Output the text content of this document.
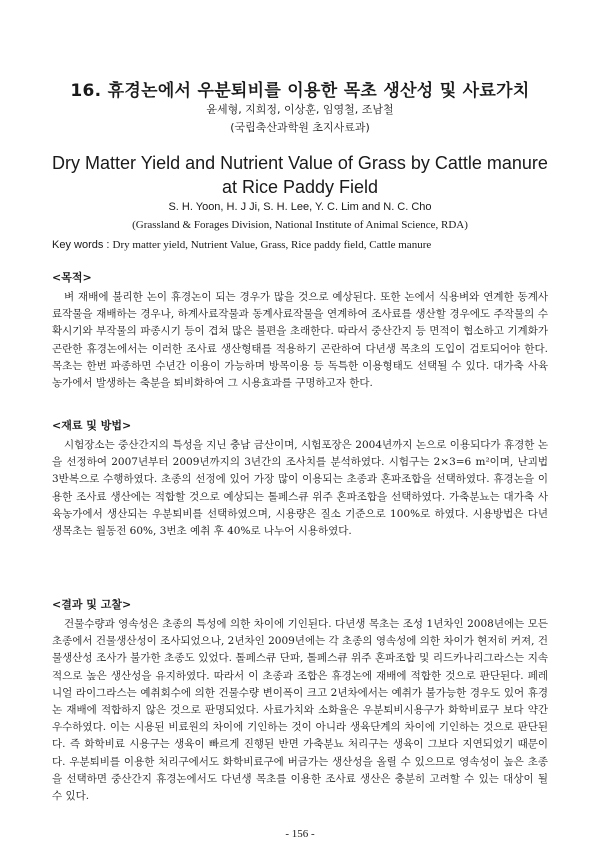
16. 휴경논에서 우분퇴비를 이용한 목초 생산성 및 사료가치
윤세형, 지희정, 이상훈, 임영철, 조남철
(국립축산과학원 초지사료과)
Dry Matter Yield and Nutrient Value of Grass by Cattle manure at Rice Paddy Field
S. H. Yoon, H. J Ji, S. H. Lee, Y. C. Lim and N. C. Cho
(Grassland & Forages Division, National Institute of Animal Science, RDA)
Key words : Dry matter yield, Nutrient Value, Grass, Rice paddy field, Cattle manure
<목적>

벼 재배에 불리한 논이 휴경논이 되는 경우가 많을 것으로 예상된다. 또한 논에서 식용벼와 연계한 동계사료작물을 재배하는 경우나, 하계사료작물과 동계사료작물을 연계하여 조사료를 생산할 경우에도 주작물의 수확시기와 부작물의 파종시기 등이 겹쳐 많은 불편을 초래한다. 따라서 중산간지 등 면적이 협소하고 기계화가 곤란한 휴경논에서는 이러한 조사료 생산형태를 적용하기 곤란하여 다년생 목초의 도입이 검토되어야 한다. 목초는 한번 파종하면 수년간 이용이 가능하며 방목이용 등 독특한 이용형태도 선택될 수 있다. 대가축 사육농가에서 발생하는 축분을 퇴비화하여 그 시용효과를 구명하고자 한다.

<재료 및 방법>

시험장소는 중산간지의 특성을 지닌 충남 금산이며, 시험포장은 2004년까지 논으로 이용되다가 휴경한 논을 선정하여 2007년부터 2009년까지의 3년간의 조사치를 분석하였다. 시험구는 2×3=6 m²이며, 난괴법 3반복으로 수행하였다. 초종의 선정에 있어 가장 많이 이용되는 초종과 혼파조합을 선택하였다. 휴경논을 이용한 조사료 생산에는 적합할 것으로 예상되는 톨페스큐 위주 혼파조합을 선택하였다. 가축분뇨는 대가축 사육농가에서 생산되는 우분퇴비를 선택하였으며, 시용량은 질소 기준으로 100%로 하였다. 시용방법은 다년생목초는 월동전 60%, 3번초 예취 후 40%로 나누어 시용하였다.

<결과 및 고찰>

건물수량과 영속성은 초종의 특성에 의한 차이에 기인된다. 다년생 목초는 조성 1년차인 2008년에는 모든 초종에서 건물생산성이 조사되었으나, 2년차인 2009년에는 각 초종의 영속성에 의한 차이가 현저히 커져, 건물생산성 조사가 불가한 초종도 있었다. 톨페스큐 단파, 톨페스큐 위주 혼파조합 및 리드카나리그라스는 지속적으로 높은 생산성을 유지하였다. 따라서 이 초종과 조합은 휴경논에 재배에 적합한 것으로 판단된다. 페레니얼 라이그라스는 예취회수에 의한 건물수량 변이폭이 크고 2년차에서는 예취가 불가능한 경우도 있어 휴경논 재배에 적합하지 않은 것으로 판명되었다. 사료가치와 소화율은 우분퇴비시용구가 화학비료구 보다 약간 우수하였다. 이는 시용된 비료원의 차이에 기인하는 것이 아니라 생육단계의 차이에 기인하는 것으로 판단된다. 즉 화학비료 시용구는 생육이 빠르게 진행된 반면 가축분뇨 처리구는 생육이 그보다 지연되었기 때문이다. 우분퇴비를 이용한 처리구에서도 화학비료구에 버금가는 생산성을 올릴 수 있으므로 영속성이 높은 초종을 선택하면 중산간지 휴경논에서도 다년생 목초를 이용한 조사료 생산은 충분히 고려할 수 있는 대상이 될 수 있다.

- 156 -
